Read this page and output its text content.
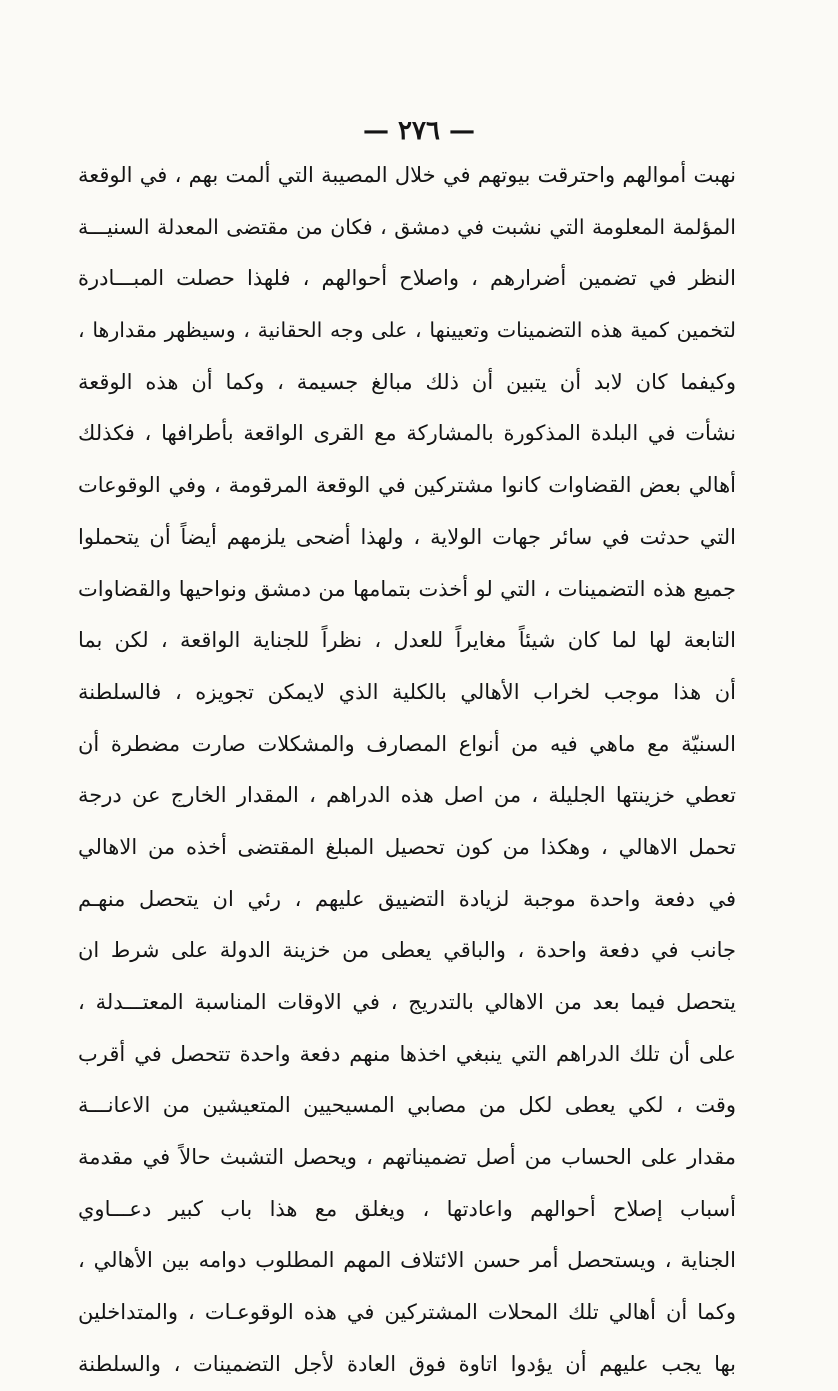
— ٢٧٦ —
نهبت أموالهم واحترقت بيوتهم في خلال المصيبة التي ألمت بهم ، في الوقعة
المؤلمة المعلومة التي نشبت في دمشق ، فكان من مقتضى المعدلة السنيـــة
النظر في تضمين أضرارهم ، واصلاح أحوالهم ، فلهذا حصلت المبـــادرة
لتخمين كمية هذه التضمينات وتعيينها ، على وجه الحقانية ، وسيظهر مقدارها ،
وكيفما كان لابد أن يتبين أن ذلك مبالغ جسيمة ، وكما أن هذه الوقعة
نشأت في البلدة المذكورة بالمشاركة مع القرى الواقعة بأطرافها ، فكذلك
أهالي بعض القضاوات كانوا مشتركين في الوقعة المرقومة ، وفي الوقوعات
التي حدثت في سائر جهات الولاية ، ولهذا أضحى يلزمهم أيضاً أن يتحملوا
جميع هذه التضمينات ، التي لو أخذت بتمامها من دمشق ونواحيها والقضاوات
التابعة لها لما كان شيئاً مغايراً للعدل ، نظراً للجناية الواقعة ، لكن بما
أن هذا موجب لخراب الأهالي بالكلية الذي لايمكن تجويزه ، فالسلطنة
السنيّة مع ماهي فيه من أنواع المصارف والمشكلات صارت مضطرة أن
تعطي خزينتها الجليلة ، من اصل هذه الدراهم ، المقدار الخارج عن درجة
تحمل الاهالي ، وهكذا من كون تحصيل المبلغ المقتضى أخذه من الاهالي
في دفعة واحدة موجبة لزيادة التضييق عليهم ، رئي ان يتحصل منهـم
جانب في دفعة واحدة ، والباقي يعطى من خزينة الدولة على شرط ان
يتحصل فيما بعد من الاهالي بالتدريج ، في الاوقات المناسبة المعتـــدلة ،
على أن تلك الدراهم التي ينبغي اخذها منهم دفعة واحدة تتحصل في أقرب
وقت ، لكي يعطى لكل من مصابي المسيحيين المتعيشين من الاعانـــة
مقدار على الحساب من أصل تضميناتهم ، ويحصل التشبث حالاً في مقدمة
أسباب إصلاح أحوالهم واعادتها ، ويغلق مع هذا باب كبير دعـــاوي
الجناية ، ويستحصل أمر حسن الائتلاف المهم المطلوب دوامه بين الأهالي ،
وكما أن أهالي تلك المحلات المشتركين في هذه الوقوعـات ، والمتداخلين
بها يجب عليهم أن يؤدوا اتاوة فوق العادة لأجل التضمينات ، والسلطنة
